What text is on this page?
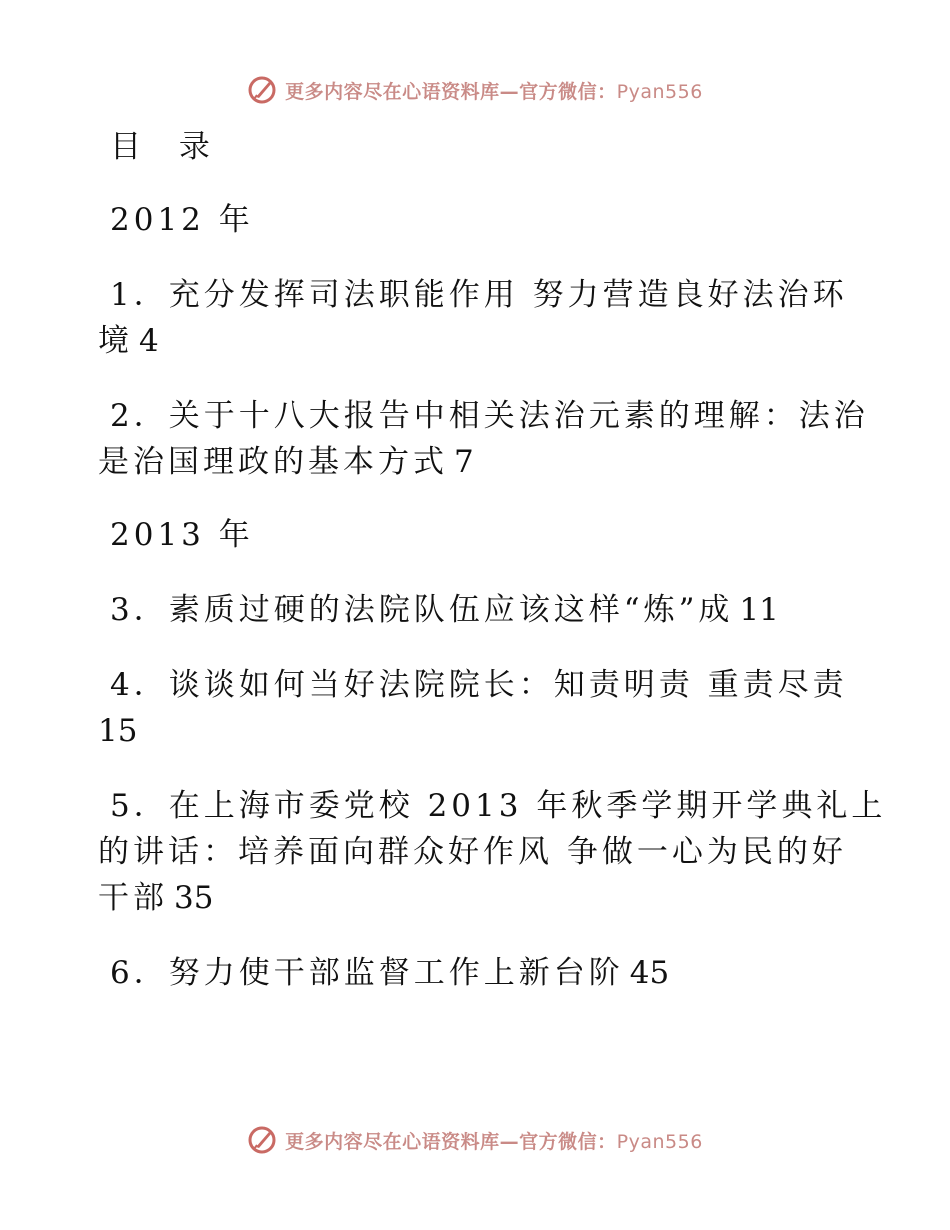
更多内容尽在心语资料库—官方微信：Pyan556
目 录
2012 年
1．充分发挥司法职能作用 努力营造良好法治环
境 4
2．关于十八大报告中相关法治元素的理解：法治
是治国理政的基本方式 7
2013 年
3．素质过硬的法院队伍应该这样“炼”成 11
4．谈谈如何当好法院院长：知责明责 重责尽责
15
5．在上海市委党校 2013 年秋季学期开学典礼上
的讲话：培养面向群众好作风 争做一心为民的好
干部 35
6．努力使干部监督工作上新台阶 45
更多内容尽在心语资料库—官方微信：Pyan556
